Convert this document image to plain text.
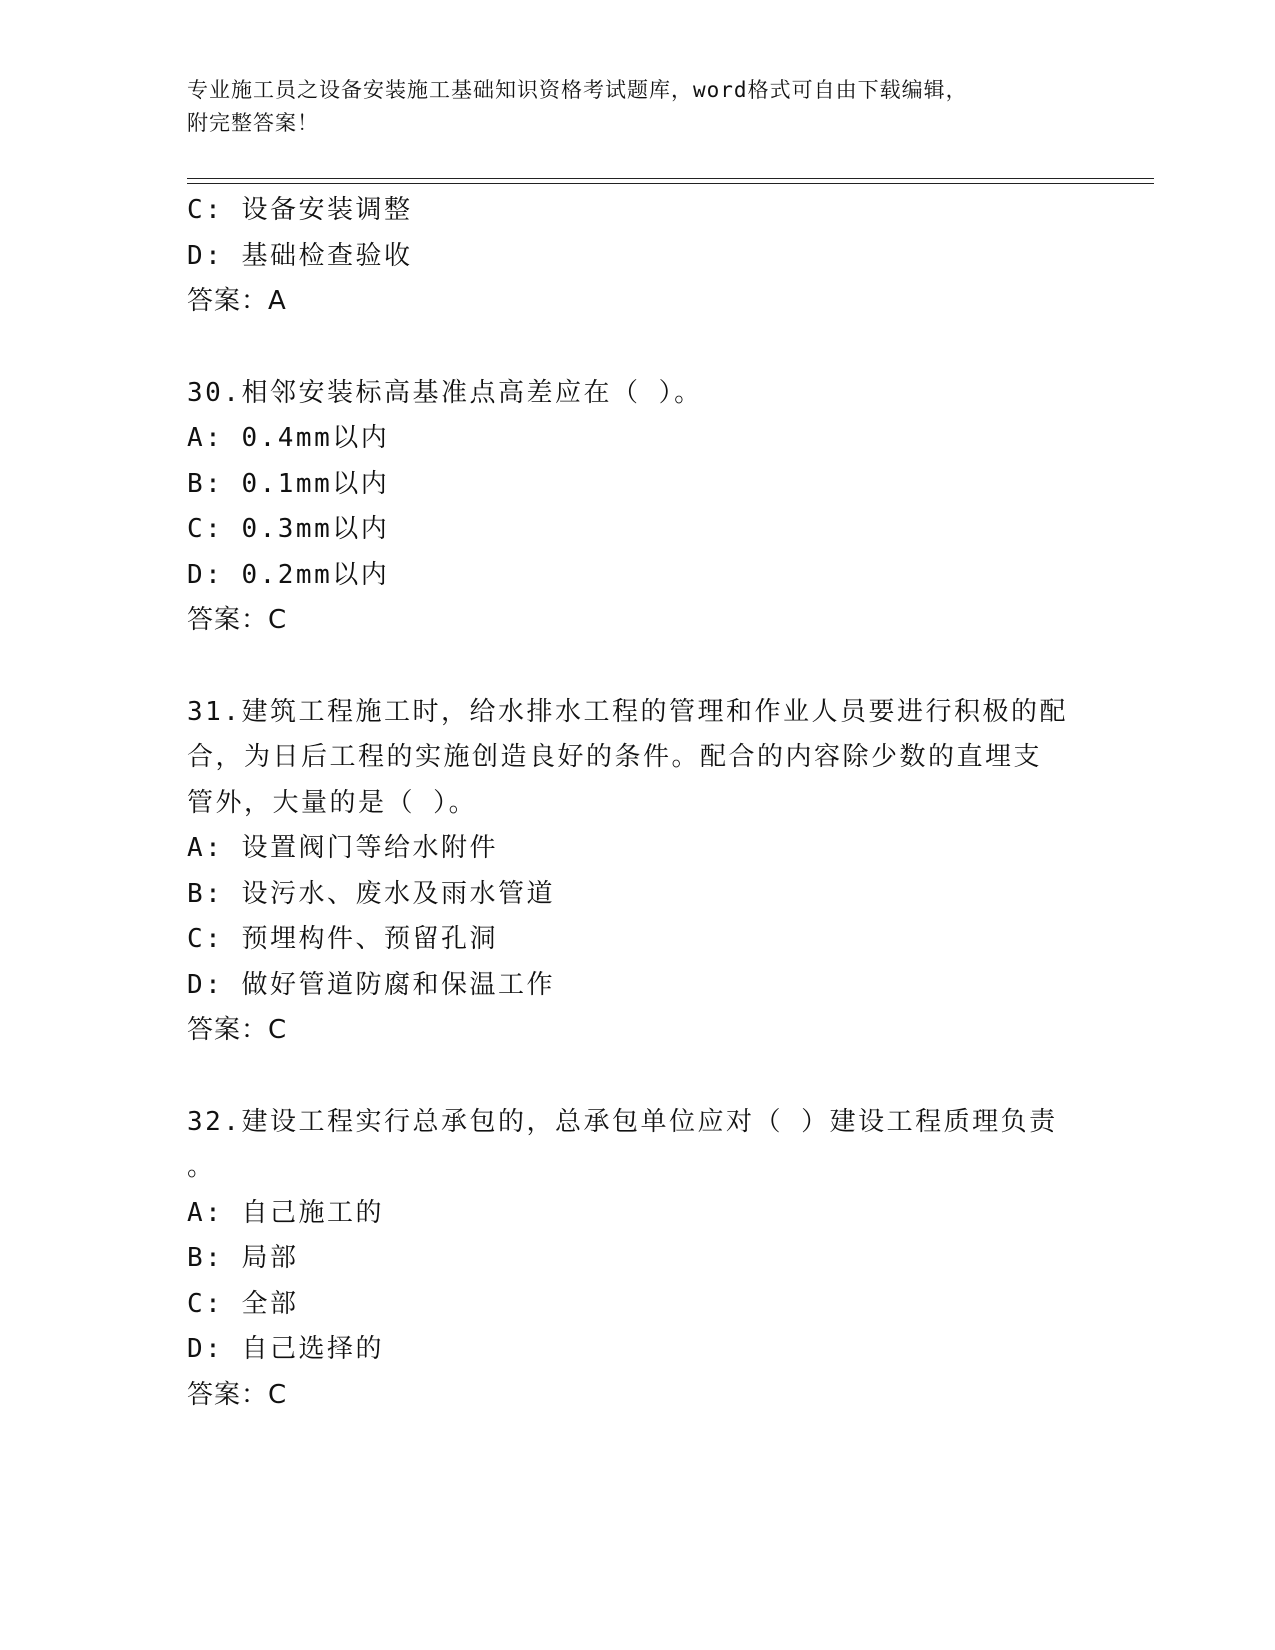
专业施工员之设备安装施工基础知识资格考试题库，word格式可自由下载编辑，
附完整答案！
C: 设备安装调整
D: 基础检查验收
答案：A
30.相邻安装标高基准点高差应在（ ）。
A: 0.4mm以内
B: 0.1mm以内
C: 0.3mm以内
D: 0.2mm以内
答案：C
31.建筑工程施工时，给水排水工程的管理和作业人员要进行积极的配
合，为日后工程的实施创造良好的条件。配合的内容除少数的直埋支
管外，大量的是（ ）。
A: 设置阀门等给水附件
B: 设污水、废水及雨水管道
C: 预埋构件、预留孔洞
D: 做好管道防腐和保温工作
答案：C
32.建设工程实行总承包的，总承包单位应对（ ）建设工程质理负责
。
A: 自己施工的
B: 局部
C: 全部
D: 自己选择的
答案：C
